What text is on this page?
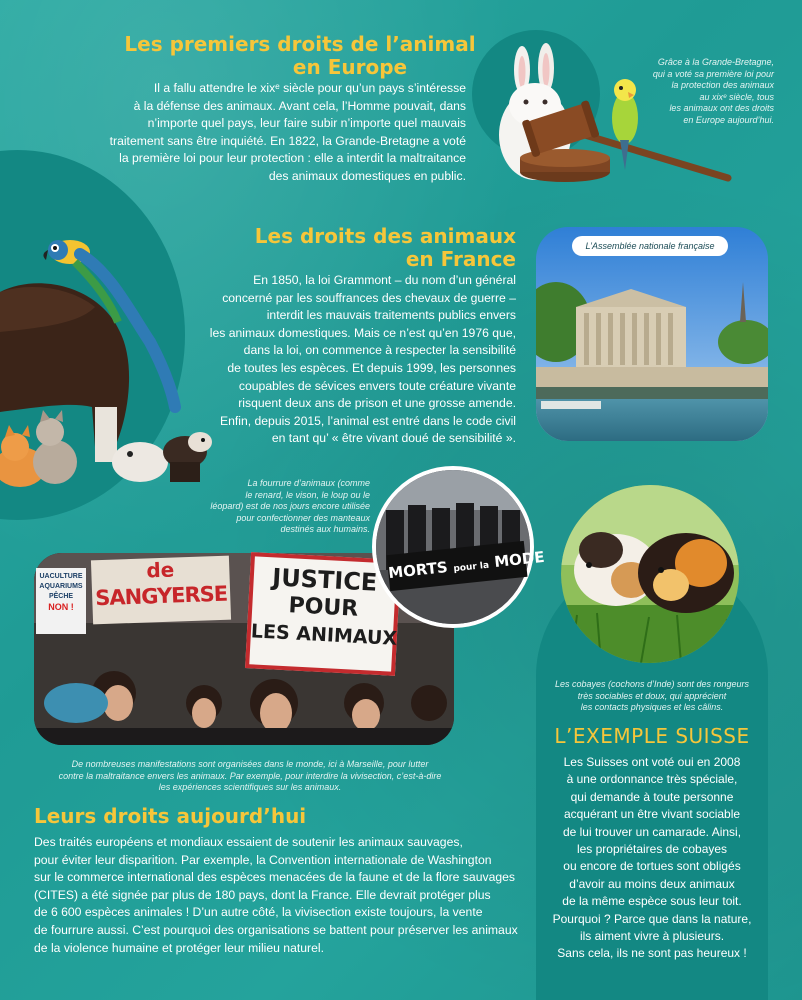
Les premiers droits de l’animal
en Europe
Il a fallu attendre le xixᵉ siècle pour qu’un pays s’intéresse
à la défense des animaux. Avant cela, l’Homme pouvait, dans
n’importe quel pays, leur faire subir n’importe quel mauvais
traitement sans être inquiété. En 1822, la Grande-Bretagne a voté
la première loi pour leur protection : elle a interdit la maltraitance
des animaux domestiques en public.
Grâce à la Grande-Bretagne,
qui a voté sa première loi pour
la protection des animaux
au xixᵉ siècle, tous
les animaux ont des droits
en Europe aujourd’hui.
Les droits des animaux
en France
En 1850, la loi Grammont – du nom d’un général
concerné par les souffrances des chevaux de guerre –
interdit les mauvais traitements publics envers
les animaux domestiques. Mais ce n’est qu’en 1976 que,
dans la loi, on commence à respecter la sensibilité
de toutes les espèces. Et depuis 1999, les personnes
coupables de sévices envers toute créature vivante
risquent deux ans de prison et une grosse amende.
Enfin, depuis 2015, l’animal est entré dans le code civil
en tant qu’ « être vivant doué de sensibilité ».
L’Assemblée nationale française
La fourrure d’animaux (comme
le renard, le vison, le loup ou le
léopard) est de nos jours encore utilisée
pour confectionner des manteaux
destinés aux humains.
UACULTURE
AQUARIUMS
PÊCHE
NON !
de
SANGYERSE	JUSTICE
POUR
LES ANIMAUX
MORTS pour la MODE
De nombreuses manifestations sont organisées dans le monde, ici à Marseille, pour lutter
contre la maltraitance envers les animaux. Par exemple, pour interdire la vivisection, c’est-à-dire
les expériences scientifiques sur les animaux.
Leurs droits aujourd’hui
Des traités européens et mondiaux essaient de soutenir les animaux sauvages,
pour éviter leur disparition. Par exemple, la Convention internationale de Washington
sur le commerce international des espèces menacées de la faune et de la flore sauvages
(CITES) a été signée par plus de 180 pays, dont la France. Elle devrait protéger plus
de 6 600 espèces animales ! D’un autre côté, la vivisection existe toujours, la vente
de fourrure aussi. C’est pourquoi des organisations se battent pour préserver les animaux
de la violence humaine et protéger leur milieu naturel.
Les cobayes (cochons d’Inde) sont des rongeurs
très sociables et doux, qui apprécient
les contacts physiques et les câlins.
L’EXEMPLE SUISSE
Les Suisses ont voté oui en 2008
à une ordonnance très spéciale,
qui demande à toute personne
acquérant un être vivant sociable
de lui trouver un camarade. Ainsi,
les propriétaires de cobayes
ou encore de tortues sont obligés
d’avoir au moins deux animaux
de la même espèce sous leur toit.
Pourquoi ? Parce que dans la nature,
ils aiment vivre à plusieurs.
Sans cela, ils ne sont pas heureux !
